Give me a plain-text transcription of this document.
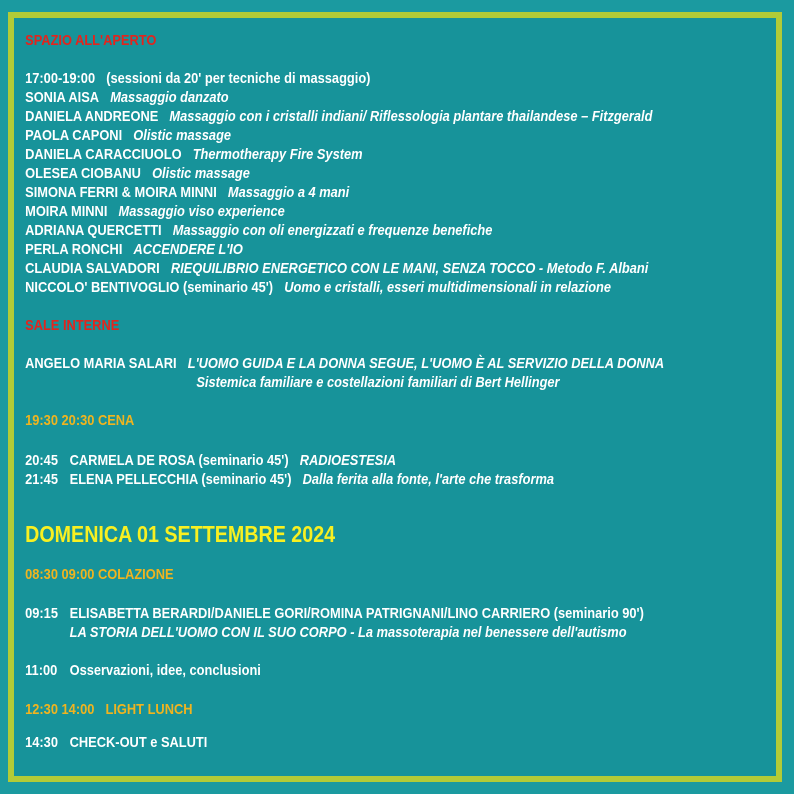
SPAZIO ALL'APERTO
17:00-19:00 (sessioni da 20' per tecniche di massaggio)
SONIA AISA Massaggio danzato
DANIELA ANDREONE Massaggio con i cristalli indiani/ Riflessologia plantare thailandese – Fitzgerald
PAOLA CAPONI Olistic massage
DANIELA CARACCIUOLO Thermotherapy Fire System
OLESEA CIOBANU Olistic massage
SIMONA FERRI & MOIRA MINNI Massaggio a 4 mani
MOIRA MINNI Massaggio viso experience
ADRIANA QUERCETTI Massaggio con oli energizzati e frequenze benefiche
PERLA RONCHI ACCENDERE L'IO
CLAUDIA SALVADORI RIEQUILIBRIO ENERGETICO CON LE MANI, SENZA TOCCO - Metodo F. Albani
NICCOLO' BENTIVOGLIO (seminario 45') Uomo e cristalli, esseri multidimensionali in relazione
SALE INTERNE
ANGELO MARIA SALARI L'UOMO GUIDA E LA DONNA SEGUE, L'UOMO È AL SERVIZIO DELLA DONNA
Sistemica familiare e costellazioni familiari di Bert Hellinger
19:30 20:30 CENA
20:45 CARMELA DE ROSA (seminario 45') RADIOESTESIA
21:45 ELENA PELLECCHIA (seminario 45') Dalla ferita alla fonte, l'arte che trasforma
DOMENICA 01 SETTEMBRE 2024
08:30 09:00 COLAZIONE
09:15 ELISABETTA BERARDI/DANIELE GORI/ROMINA PATRIGNANI/LINO CARRIERO (seminario 90')
LA STORIA DELL'UOMO CON IL SUO CORPO - La massoterapia nel benessere dell'autismo
11:00 Osservazioni, idee, conclusioni
12:30 14:00 LIGHT LUNCH
14:30 CHECK-OUT e SALUTI
